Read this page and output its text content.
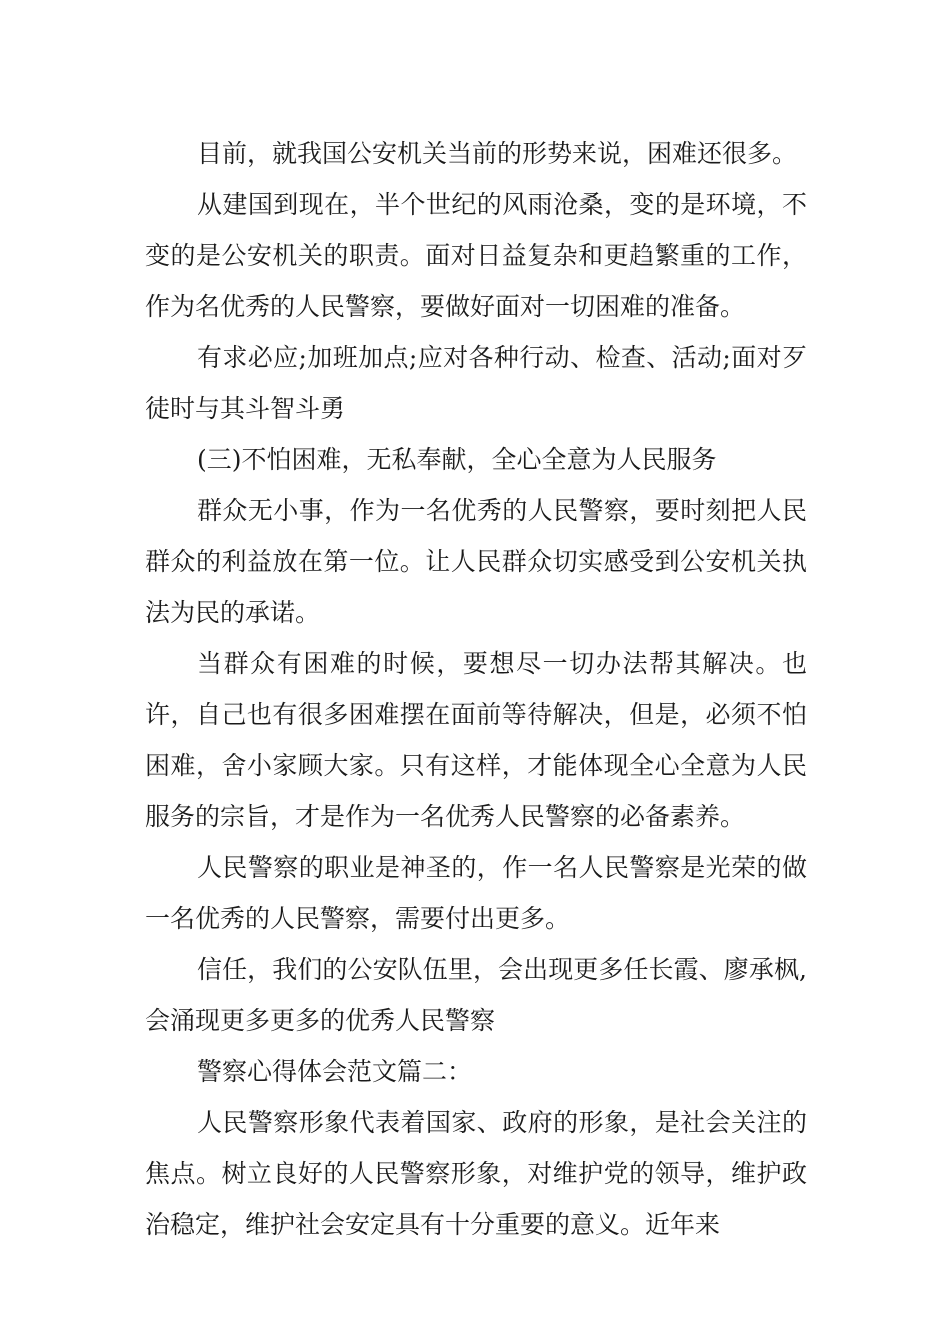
目前，就我国公安机关当前的形势来说，困难还很多。

从建国到现在，半个世纪的风雨沧桑，变的是环境，不变的是公安机关的职责。面对日益复杂和更趋繁重的工作，作为名优秀的人民警察，要做好面对一切困难的准备。

有求必应;加班加点;应对各种行动、检查、活动;面对歹徒时与其斗智斗勇

(三)不怕困难，无私奉献，全心全意为人民服务

群众无小事，作为一名优秀的人民警察，要时刻把人民群众的利益放在第一位。让人民群众切实感受到公安机关执法为民的承诺。

当群众有困难的时候，要想尽一切办法帮其解决。也许，自己也有很多困难摆在面前等待解决，但是，必须不怕困难，舍小家顾大家。只有这样，才能体现全心全意为人民服务的宗旨，才是作为一名优秀人民警察的必备素养。

人民警察的职业是神圣的，作一名人民警察是光荣的做一名优秀的人民警察，需要付出更多。

信任，我们的公安队伍里，会出现更多任长霞、廖承枫,会涌现更多更多的优秀人民警察

警察心得体会范文篇二：

人民警察形象代表着国家、政府的形象，是社会关注的焦点。树立良好的人民警察形象，对维护党的领导，维护政治稳定，维护社会安定具有十分重要的意义。近年来
